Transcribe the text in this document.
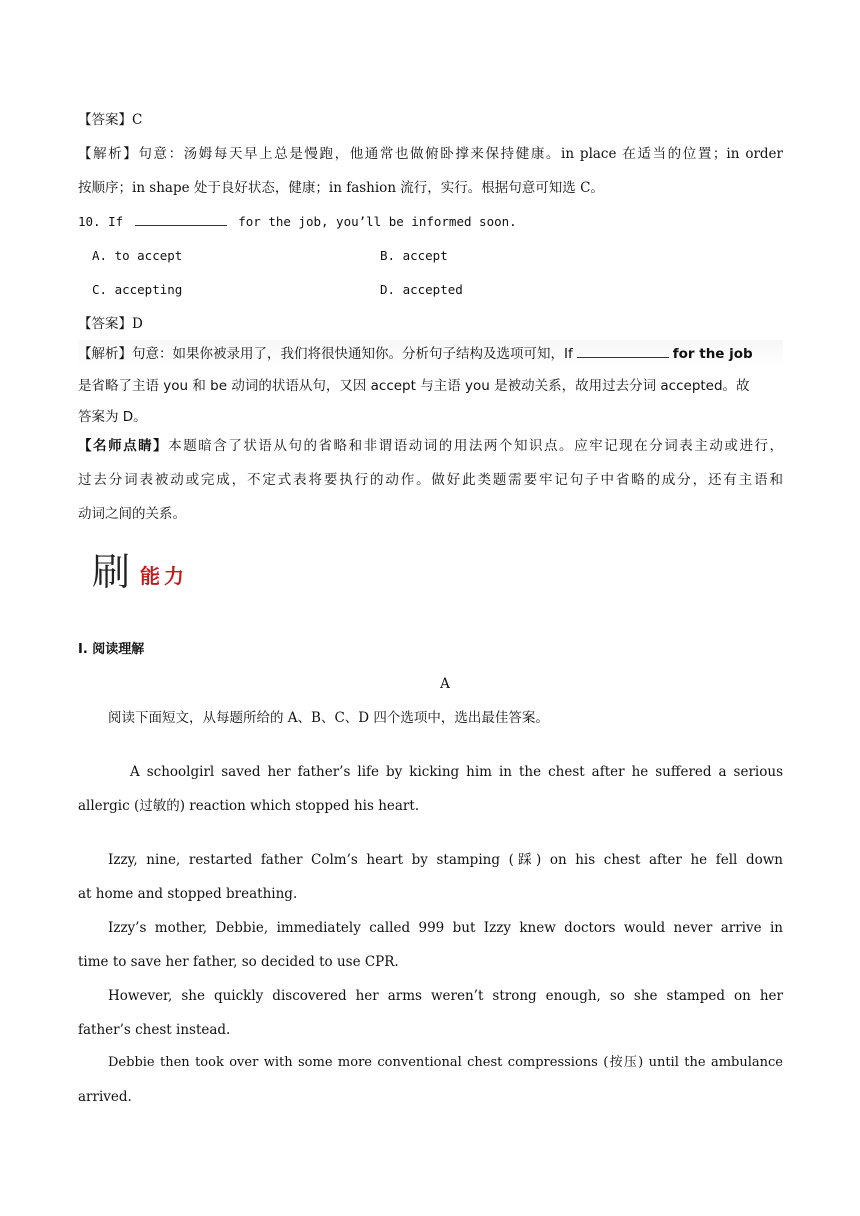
【答案】C
【解析】句意：汤姆每天早上总是慢跑，他通常也做俯卧撑来保持健康。in place 在适当的位置；in order
按顺序；in shape 处于良好状态，健康；in fashion 流行，实行。根据句意可知选 C。
10. If	for the job, you’ll be informed soon.
A. to accept	B. accept
C. accepting	D. accepted
【答案】D
【解析】句意：如果你被录用了，我们将很快通知你。分析句子结构及选项可知，If	for the job
是省略了主语 you 和 be 动词的状语从句，又因 accept 与主语 you 是被动关系，故用过去分词 accepted。故
答案为 D。
【名师点睛】本题暗含了状语从句的省略和非谓语动词的用法两个知识点。应牢记现在分词表主动或进行，
过去分词表被动或完成，不定式表将要执行的动作。做好此类题需要牢记句子中省略的成分，还有主语和
动词之间的关系。
刷 能力
I. 阅读理解
A
阅读下面短文，从每题所给的 A、B、C、D 四个选项中，选出最佳答案。
A schoolgirl saved her father’s life by kicking him in the chest after he suffered a serious
allergic (过敏的) reaction which stopped his heart.
Izzy, nine, restarted father Colm’s heart by stamping (踩) on his chest after he fell down
at home and stopped breathing.
Izzy’s mother, Debbie, immediately called 999 but Izzy knew doctors would never arrive in
time to save her father, so decided to use CPR.
However, she quickly discovered her arms weren’t strong enough, so she stamped on her
father’s chest instead.
Debbie then took over with some more conventional chest compressions (按压) until the ambulance
arrived.
